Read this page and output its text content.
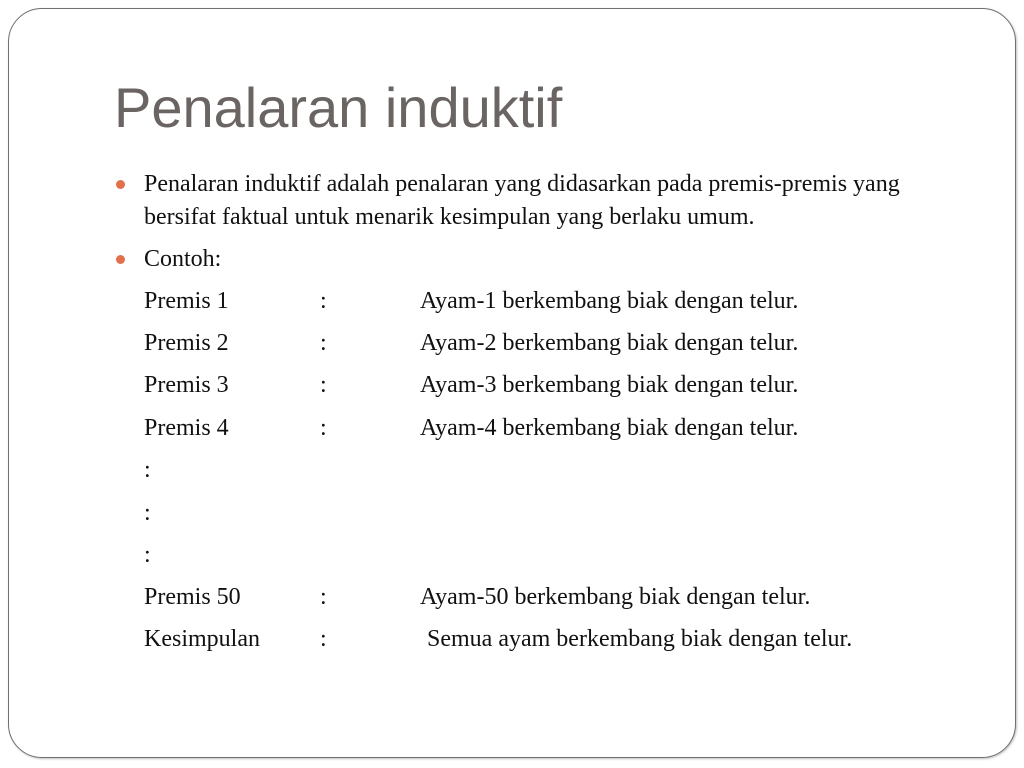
Penalaran induktif

Penalaran induktif adalah penalaran yang didasarkan pada premis-premis yang bersifat faktual untuk menarik kesimpulan yang berlaku umum.

Contoh:

Premis 1	:	Ayam-1 berkembang biak dengan telur.
Premis 2	:	Ayam-2 berkembang biak dengan telur.
Premis 3	:	Ayam-3 berkembang biak dengan telur.
Premis 4	:	Ayam-4 berkembang biak dengan telur.
:
:
:
Premis 50	:	Ayam-50 berkembang biak dengan telur.
Kesimpulan	:	Semua ayam berkembang biak dengan telur.
